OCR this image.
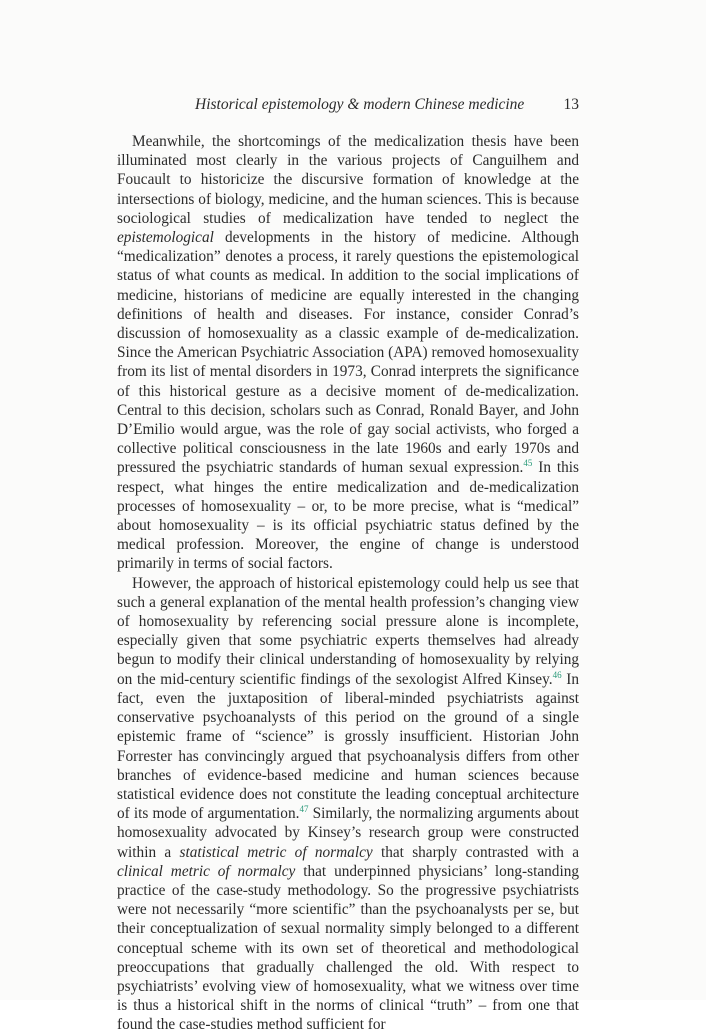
Historical epistemology & modern Chinese medicine	13

Meanwhile, the shortcomings of the medicalization thesis have been illuminated most clearly in the various projects of Canguilhem and Foucault to historicize the discursive formation of knowledge at the intersections of biology, medicine, and the human sciences. This is because sociological studies of medicalization have tended to neglect the epistemological developments in the history of medicine. Although “medicalization” denotes a process, it rarely questions the epistemological status of what counts as medical. In addition to the social implications of medicine, historians of medicine are equally interested in the changing definitions of health and diseases. For instance, consider Conrad’s discussion of homosexuality as a classic example of de-medicalization. Since the American Psychiatric Association (APA) removed homosexuality from its list of mental disorders in 1973, Conrad interprets the significance of this historical gesture as a decisive moment of de-medicalization. Central to this decision, scholars such as Conrad, Ronald Bayer, and John D’Emilio would argue, was the role of gay social activists, who forged a collective political consciousness in the late 1960s and early 1970s and pressured the psychiatric standards of human sexual expression.$^{45}$ In this respect, what hinges the entire medicalization and de-medicalization processes of homosexuality – or, to be more precise, what is “medical” about homosexuality – is its official psychiatric status defined by the medical profession. Moreover, the engine of change is understood primarily in terms of social factors.

However, the approach of historical epistemology could help us see that such a general explanation of the mental health profession’s changing view of homosexuality by referencing social pressure alone is incomplete, especially given that some psychiatric experts themselves had already begun to modify their clinical understanding of homosexuality by relying on the mid-century scientific findings of the sexologist Alfred Kinsey.$^{46}$ In fact, even the juxtaposition of liberal-minded psychiatrists against conservative psychoanalysts of this period on the ground of a single epistemic frame of “science” is grossly insufficient. Historian John Forrester has convincingly argued that psychoanalysis differs from other branches of evidence-based medicine and human sciences because statistical evidence does not constitute the leading conceptual architecture of its mode of argumentation.$^{47}$ Similarly, the normalizing arguments about homosexuality advocated by Kinsey’s research group were constructed within a statistical metric of normalcy that sharply contrasted with a clinical metric of normalcy that underpinned physicians’ long-standing practice of the case-study methodology. So the progressive psychiatrists were not necessarily “more scientific” than the psychoanalysts per se, but their conceptualization of sexual normality simply belonged to a different conceptual scheme with its own set of theoretical and methodological preoccupations that gradually challenged the old. With respect to psychiatrists’ evolving view of homosexuality, what we witness over time is thus a historical shift in the norms of clinical “truth” – from one that found the case-studies method sufficient for
